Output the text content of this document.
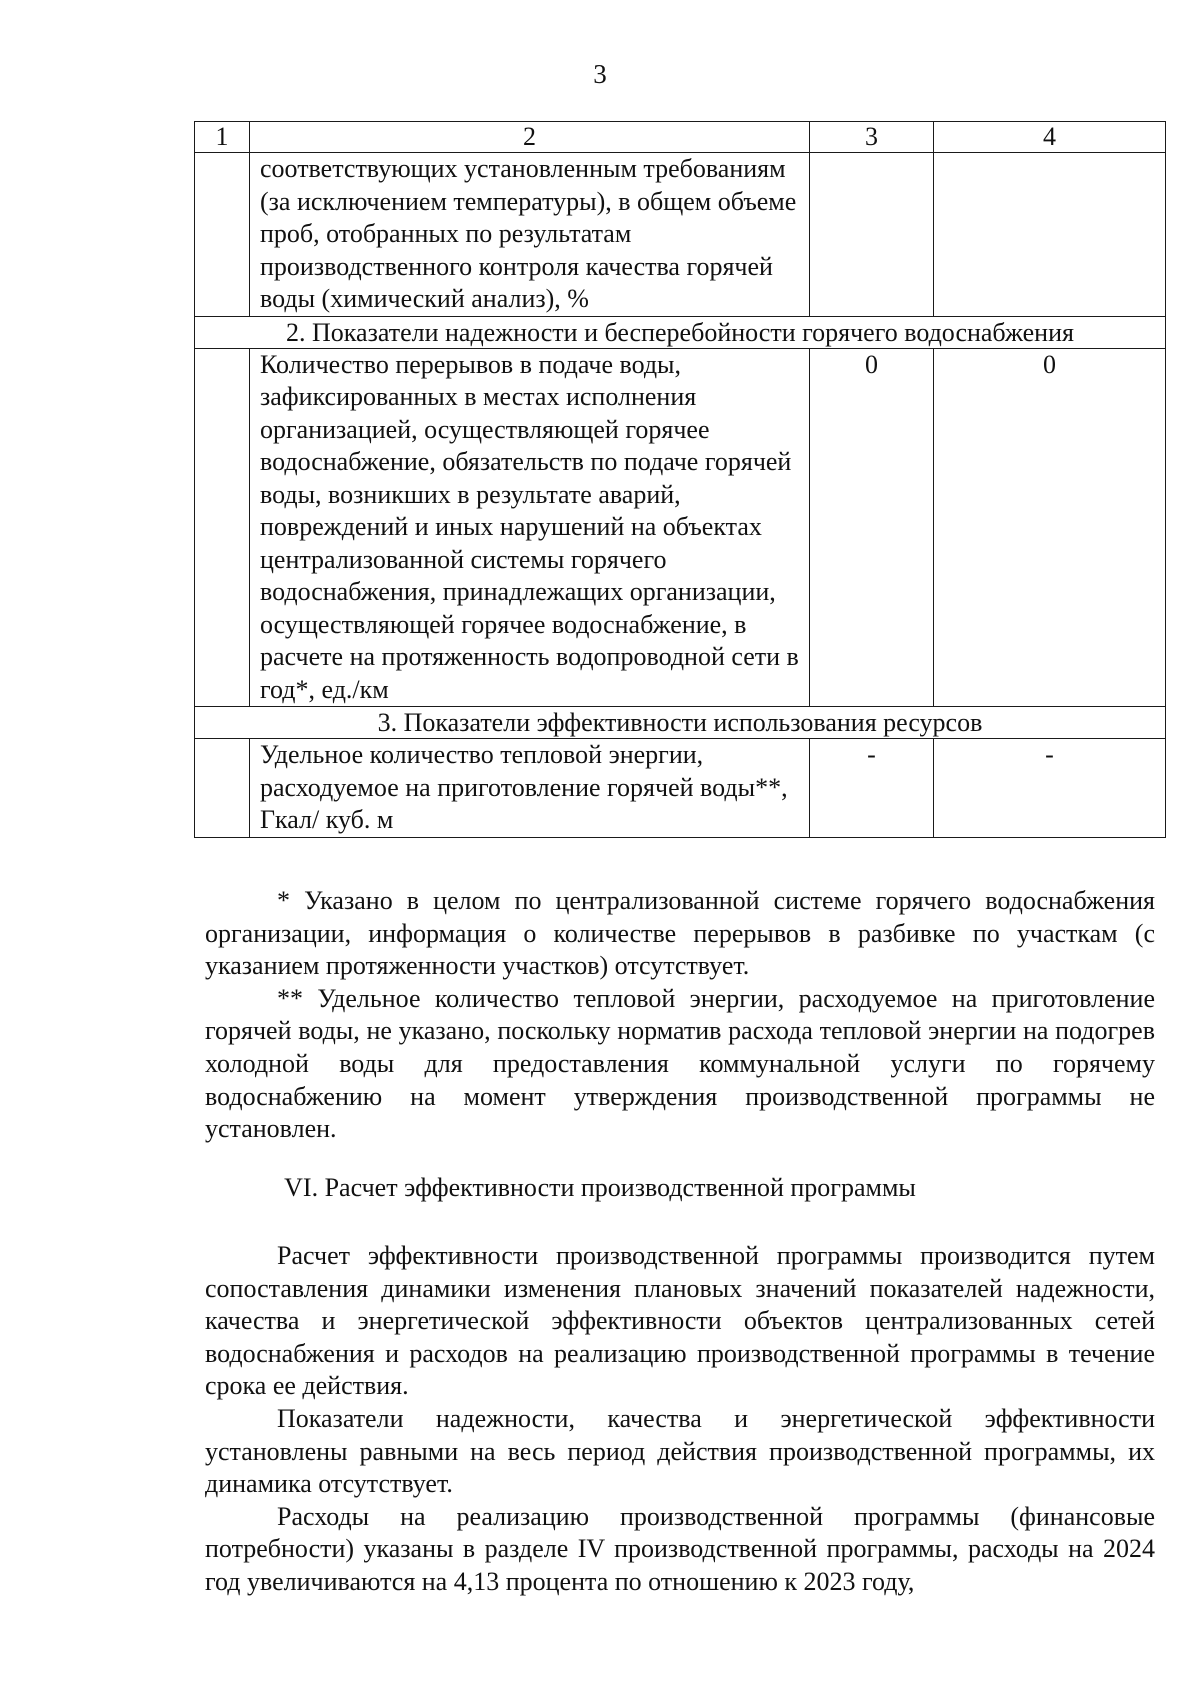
3
1	2	3	4
	соответствующих установленным требованиям (за исключением температуры), в общем объеме проб, отобранных по результатам производственного контроля качества горячей воды (химический анализ), %		
2. Показатели надежности и бесперебойности горячего водоснабжения			
	Количество перерывов в подаче воды, зафиксированных в местах исполнения организацией, осуществляющей горячее водоснабжение, обязательств по подаче горячей воды, возникших в результате аварий, повреждений и иных нарушений на объектах централизованной системы горячего водоснабжения, принадлежащих организации, осуществляющей горячее водоснабжение, в расчете на протяженность водопроводной сети в год*, ед./км	0	0
3. Показатели эффективности использования ресурсов			
	Удельное количество тепловой энергии, расходуемое на приготовление горячей воды**, Гкал/ куб. м	-	-

* Указано в целом по централизованной системе горячего водоснабжения организации, информация о количестве перерывов в разбивке по участкам (с указанием протяженности участков) отсутствует.

** Удельное количество тепловой энергии, расходуемое на приготовление горячей воды, не указано, поскольку норматив расхода тепловой энергии на подогрев холодной воды для предоставления коммунальной услуги по горячему водоснабжению на момент утверждения производственной программы не установлен.

VI. Расчет эффективности производственной программы

Расчет эффективности производственной программы производится путем сопоставления динамики изменения плановых значений показателей надежности, качества и энергетической эффективности объектов централизованных сетей водоснабжения и расходов на реализацию производственной программы в течение срока ее действия.

Показатели надежности, качества и энергетической эффективности установлены равными на весь период действия производственной программы, их динамика отсутствует.

Расходы на реализацию производственной программы (финансовые потребности) указаны в разделе IV производственной программы, расходы на 2024 год увеличиваются на 4,13 процента по отношению к 2023 году,
